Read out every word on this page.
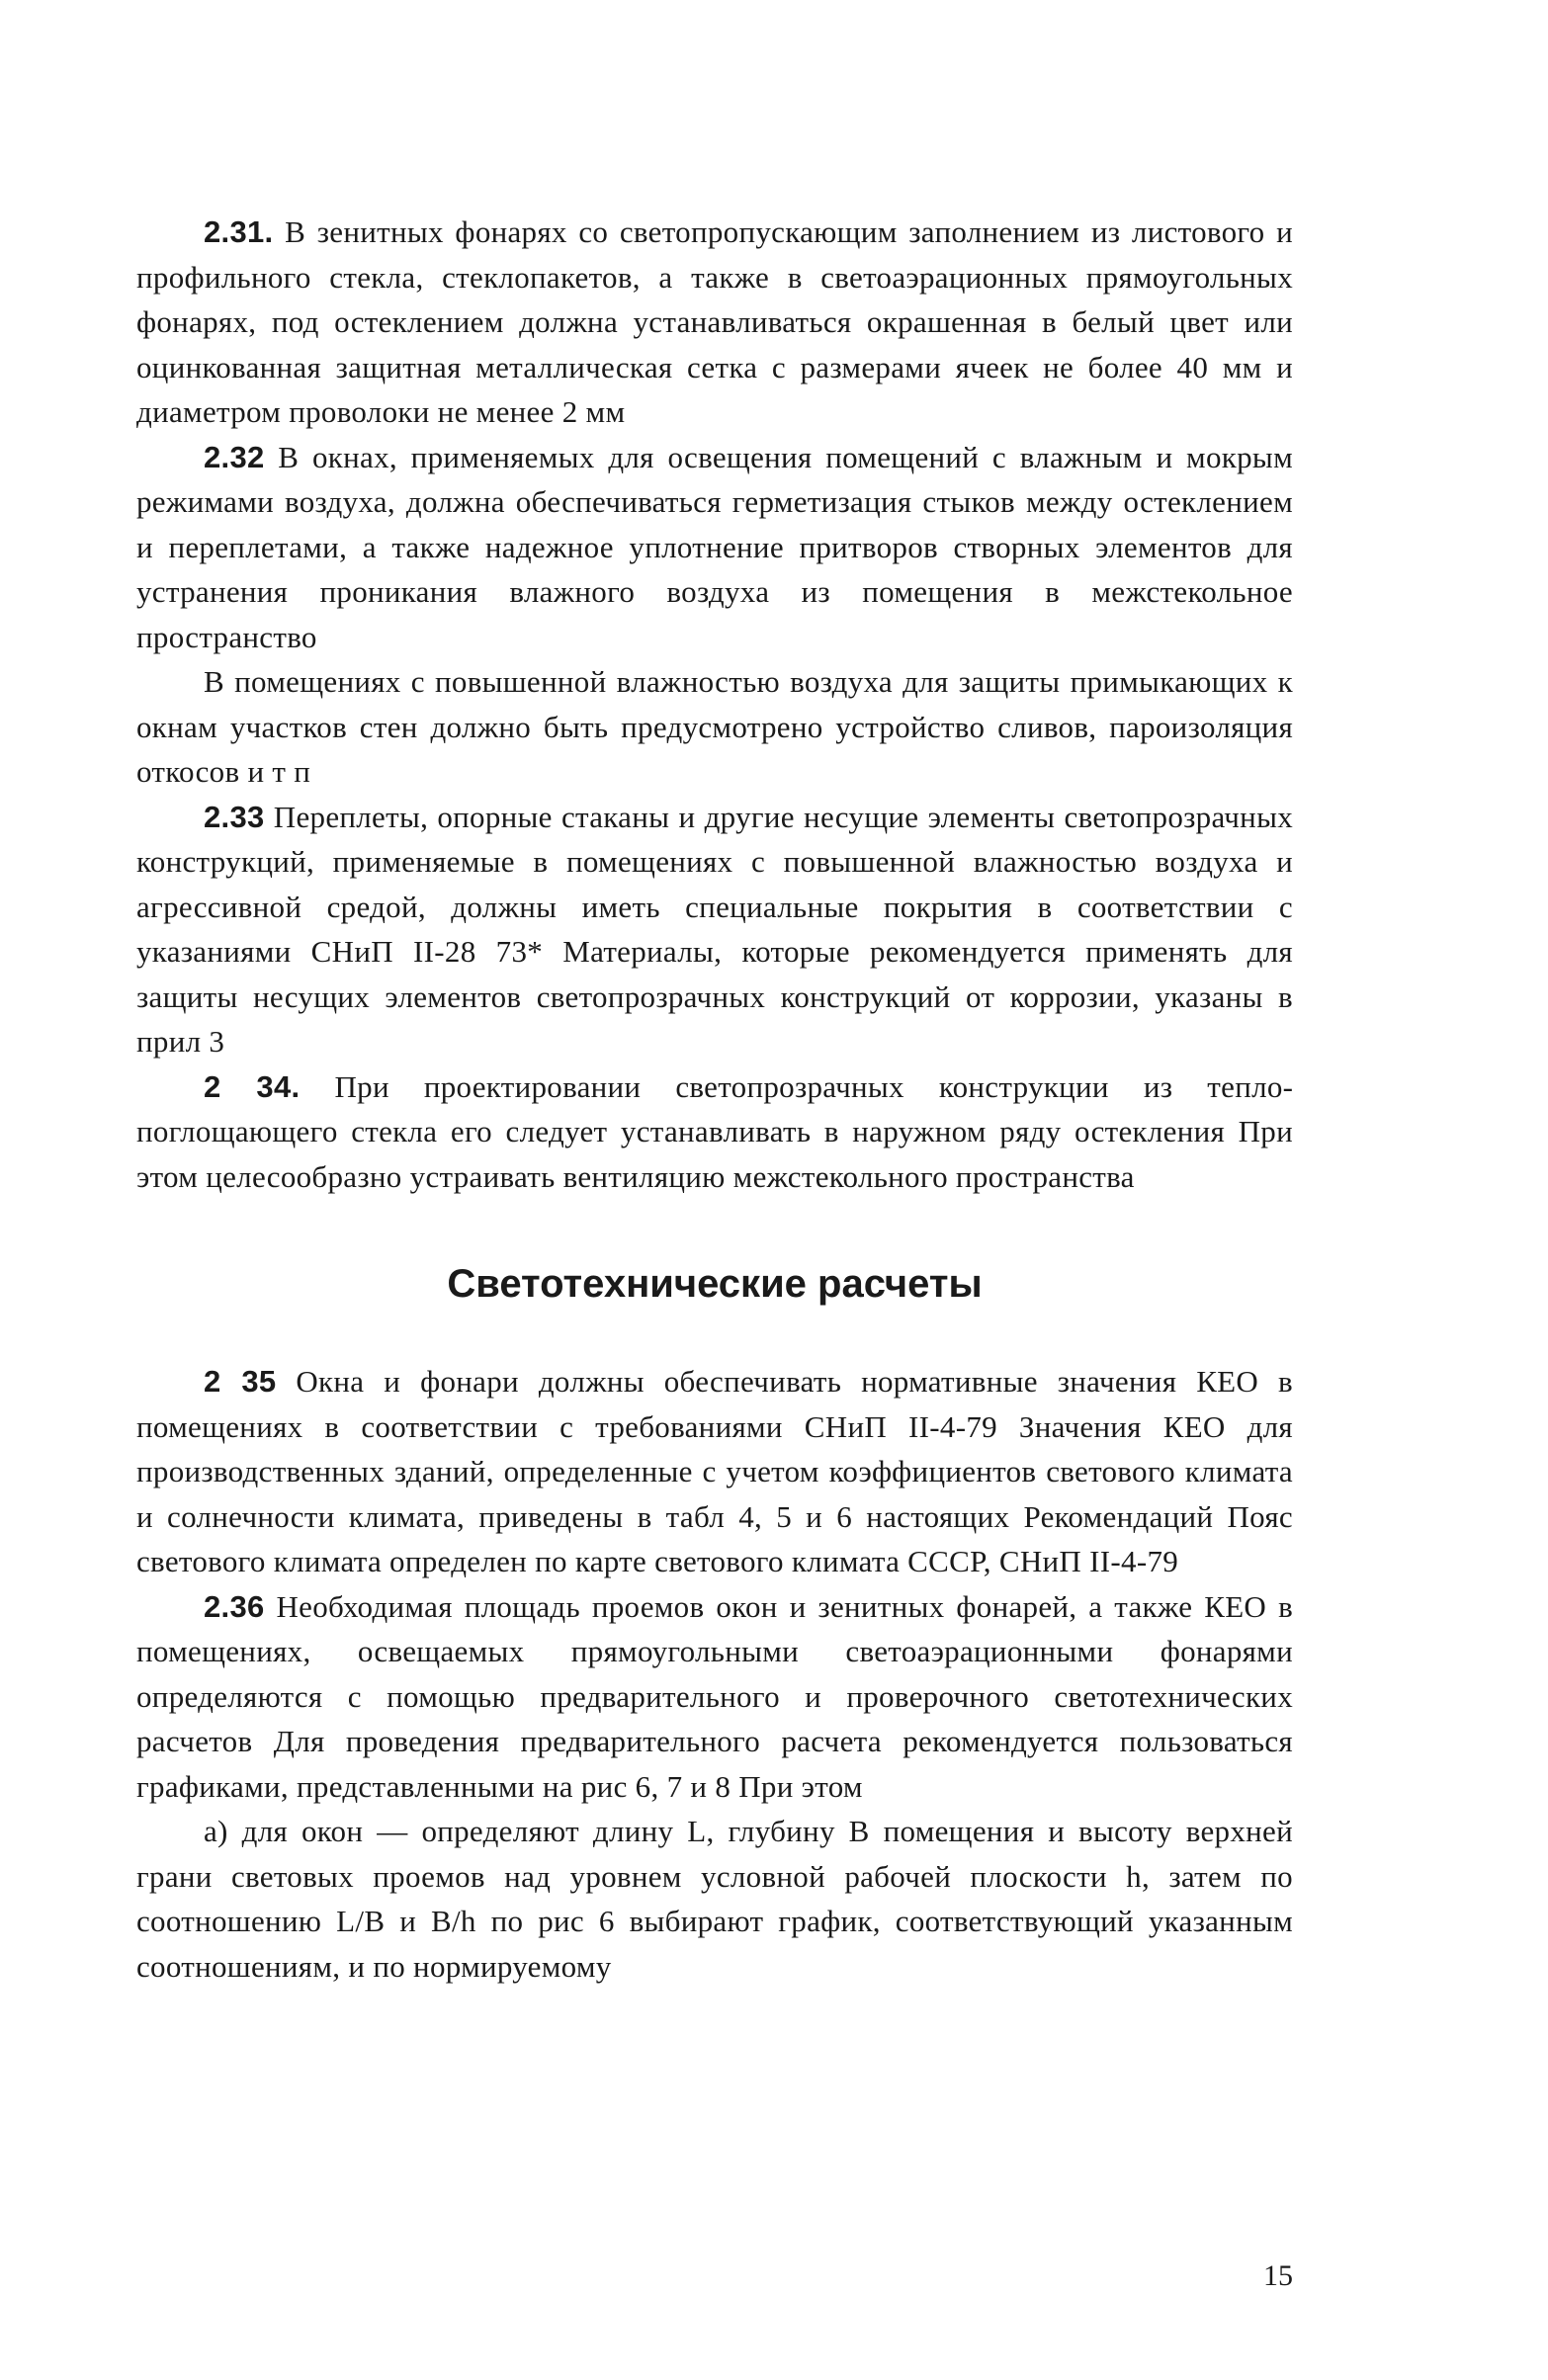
2.31. В зенитных фонарях со светопропускающим заполнением из листового и профильного стекла, стеклопакетов, а также в светоаэрационных прямоугольных фонарях, под остеклением должна устанавливаться окрашенная в белый цвет или оцинкованная защитная металлическая сетка с размерами ячеек не более 40 мм и диаметром проволоки не менее 2 мм

2.32 В окнах, применяемых для освещения помещений с влажным и мокрым режимами воздуха, должна обеспечиваться герметизация стыков между остеклением и переплетами, а также надежное уплотнение притворов створных элементов для устранения проникания влажного воздуха из помещения в межстекольное пространство

В помещениях с повышенной влажностью воздуха для защиты примыкающих к окнам участков стен должно быть предусмотрено устройство сливов, пароизоляция откосов и т п

2.33 Переплеты, опорные стаканы и другие несущие элементы светопрозрачных конструкций, применяемые в помещениях с повышенной влажностью воздуха и агрессивной средой, должны иметь специальные покрытия в соответствии с указаниями СНиП II-28 73* Материалы, которые рекомендуется применять для защиты несущих элементов светопрозрачных конструкций от коррозии, указаны в прил 3

2 34. При проектировании светопрозрачных конструкции из теплопоглощающего стекла его следует устанавливать в наружном ряду остекления При этом целесообразно устраивать вентиляцию межстекольного пространства

Светотехнические расчеты

2 35 Окна и фонари должны обеспечивать нормативные значения КЕО в помещениях в соответствии с требованиями СНиП II-4-79 Значения КЕО для производственных зданий, определенные с учетом коэффициентов светового климата и солнечности климата, приведены в табл 4, 5 и 6 настоящих Рекомендаций Пояс светового климата определен по карте светового климата СССР, СНиП II-4-79

2.36 Необходимая площадь проемов окон и зенитных фонарей, а также КЕО в помещениях, освещаемых прямоугольными светоаэрационными фонарями определяются с помощью предварительного и проверочного светотехнических расчетов Для проведения предварительного расчета рекомендуется пользоваться графиками, представленными на рис 6, 7 и 8 При этом

а) для окон — определяют длину L, глубину B помещения и высоту верхней грани световых проемов над уровнем условной рабочей плоскости h, затем по соотношению L/B и B/h по рис 6 выбирают график, соответствующий указанным соотношениям, и по нормируемому

15
